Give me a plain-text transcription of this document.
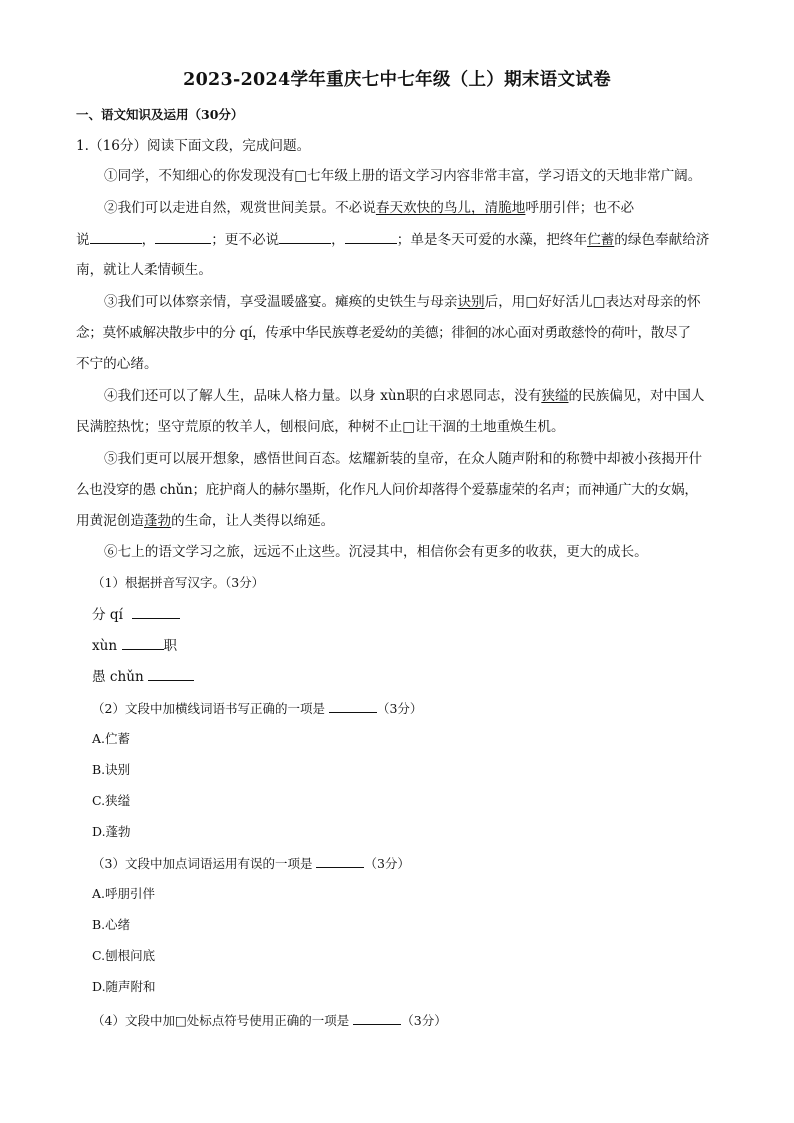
2023-2024学年重庆七中七年级（上）期末语文试卷
一、语文知识及运用（30分）
1.（16分）阅读下面文段，完成问题。
①同学，不知细心的你发现没有□七年级上册的语文学习内容非常丰富，学习语文的天地非常广阔。
②我们可以走进自然，观赏世间美景。不必说春天欢快的鸟儿，清脆地呼朋引伴；也不必
说	，	；更不必说	，	；单是冬天可爱的水藻，把终年伫蓄的绿色奉献给济
南，就让人柔情顿生。
③我们可以体察亲情，享受温暖盛宴。瘫痪的史铁生与母亲诀别后，用□好好活儿□表达对母亲的怀
念；莫怀戚解决散步中的分 qí，传承中华民族尊老爱幼的美德；徘徊的冰心面对勇敢慈怜的荷叶，散尽了
不宁的心绪。
④我们还可以了解人生，品味人格力量。以身 xùn职的白求恩同志，没有狭缢的民族偏见，对中国人
民满腔热忱；坚守荒原的牧羊人，刨根问底，种树不止□让干涸的土地重焕生机。
⑤我们更可以展开想象，感悟世间百态。炫耀新装的皇帝，在众人随声附和的称赞中却被小孩揭开什
么也没穿的愚 chǔn；庇护商人的赫尔墨斯，化作凡人问价却落得个爱慕虚荣的名声；而神通广大的女娲，
用黄泥创造蓬勃的生命，让人类得以绵延。
⑥七上的语文学习之旅，远远不止这些。沉浸其中，相信你会有更多的收获，更大的成长。
（1）根据拼音写汉字。（3分）
分 qí
xùn	职
愚 chǔn
（2）文段中加横线词语书写正确的一项是	（3分）
A.伫蓄
B.诀别
C.狭缢
D.蓬勃
（3）文段中加点词语运用有误的一项是	（3分）
A.呼朋引伴
B.心绪
C.刨根问底
D.随声附和
（4）文段中加□处标点符号使用正确的一项是	（3分）
